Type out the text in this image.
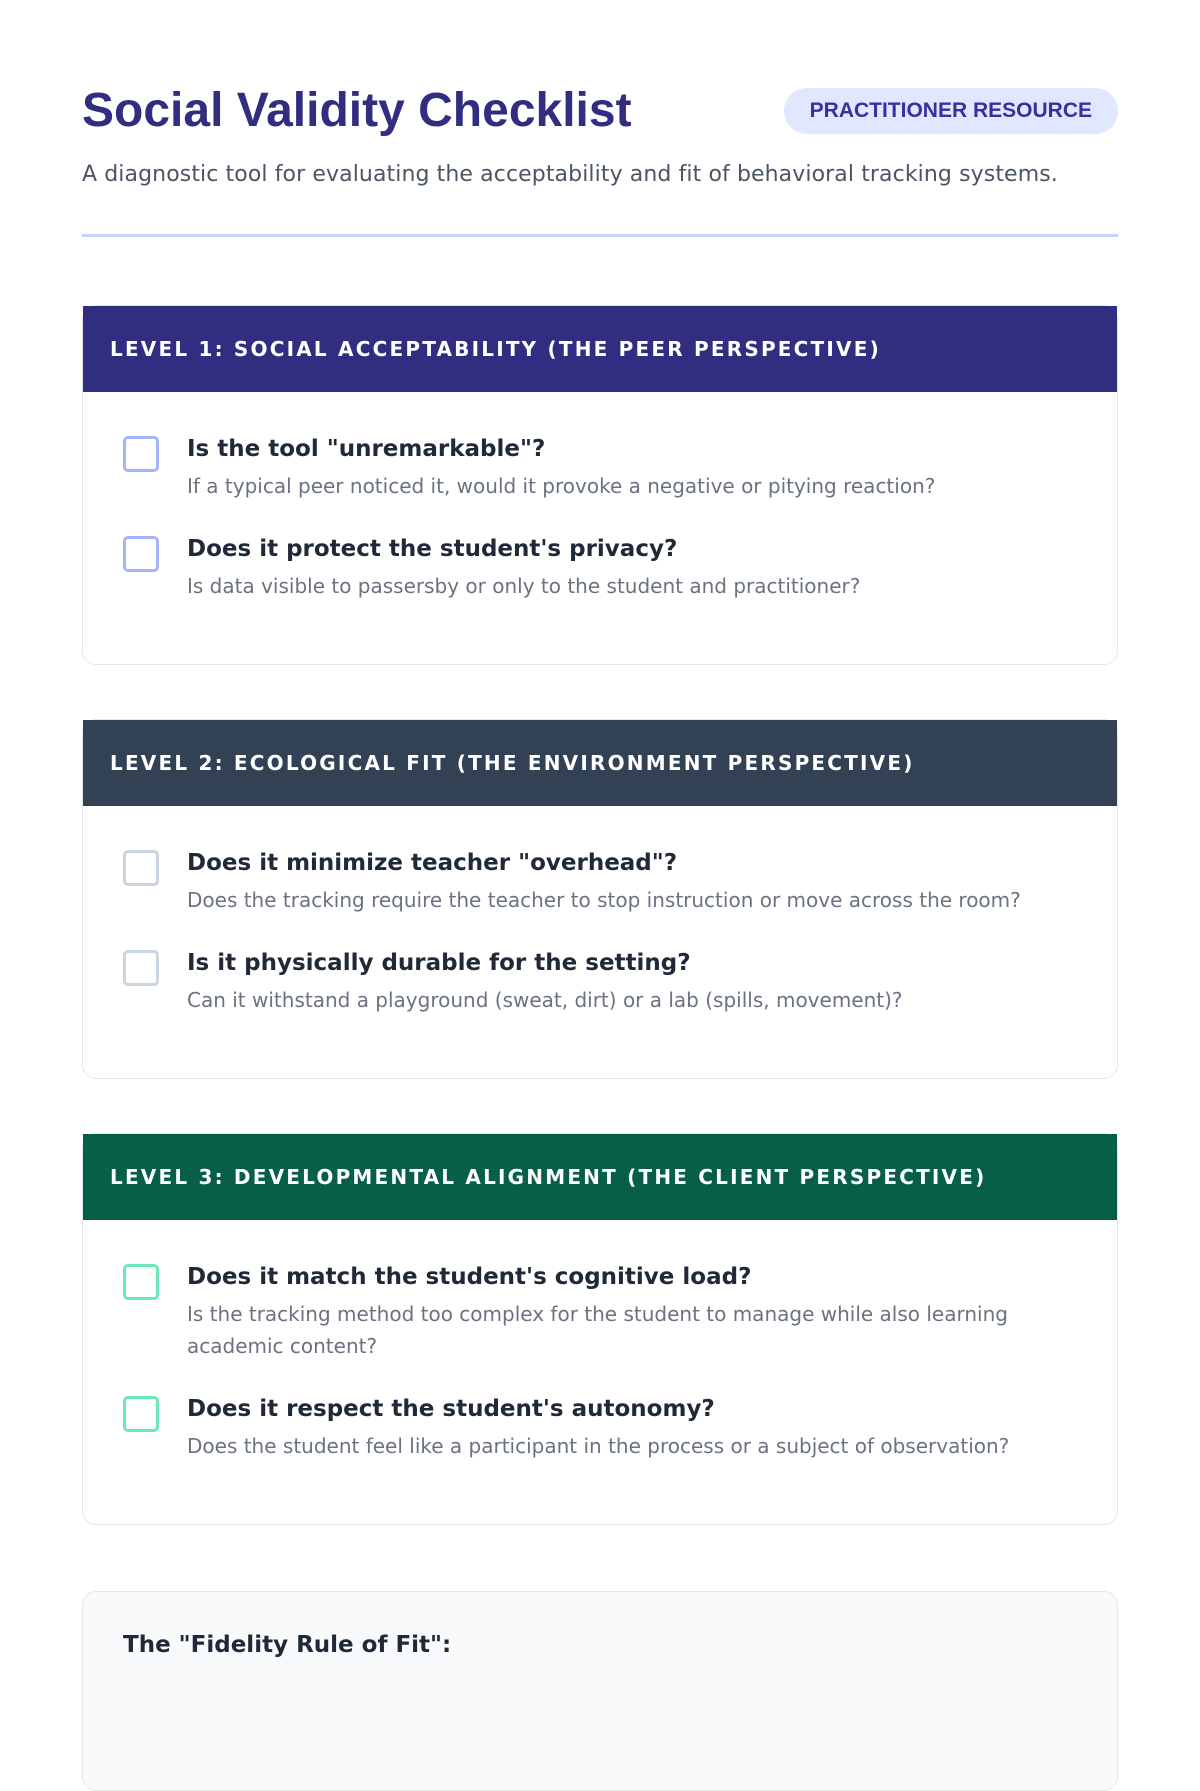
Social Validity Checklist	PRACTITIONER RESOURCE

A diagnostic tool for evaluating the acceptability and fit of behavioral tracking systems.

LEVEL 1: SOCIAL ACCEPTABILITY (THE PEER PERSPECTIVE)
Is the tool "unremarkable"?
If a typical peer noticed it, would it provoke a negative or pitying reaction?
Does it protect the student's privacy?
Is data visible to passersby or only to the student and practitioner?
LEVEL 2: ECOLOGICAL FIT (THE ENVIRONMENT PERSPECTIVE)
Does it minimize teacher "overhead"?
Does the tracking require the teacher to stop instruction or move across the room?
Is it physically durable for the setting?
Can it withstand a playground (sweat, dirt) or a lab (spills, movement)?
LEVEL 3: DEVELOPMENTAL ALIGNMENT (THE CLIENT PERSPECTIVE)
Does it match the student's cognitive load?
Is the tracking method too complex for the student to manage while also learning academic content?
Does it respect the student's autonomy?
Does the student feel like a participant in the process or a subject of observation?
The "Fidelity Rule of Fit":
